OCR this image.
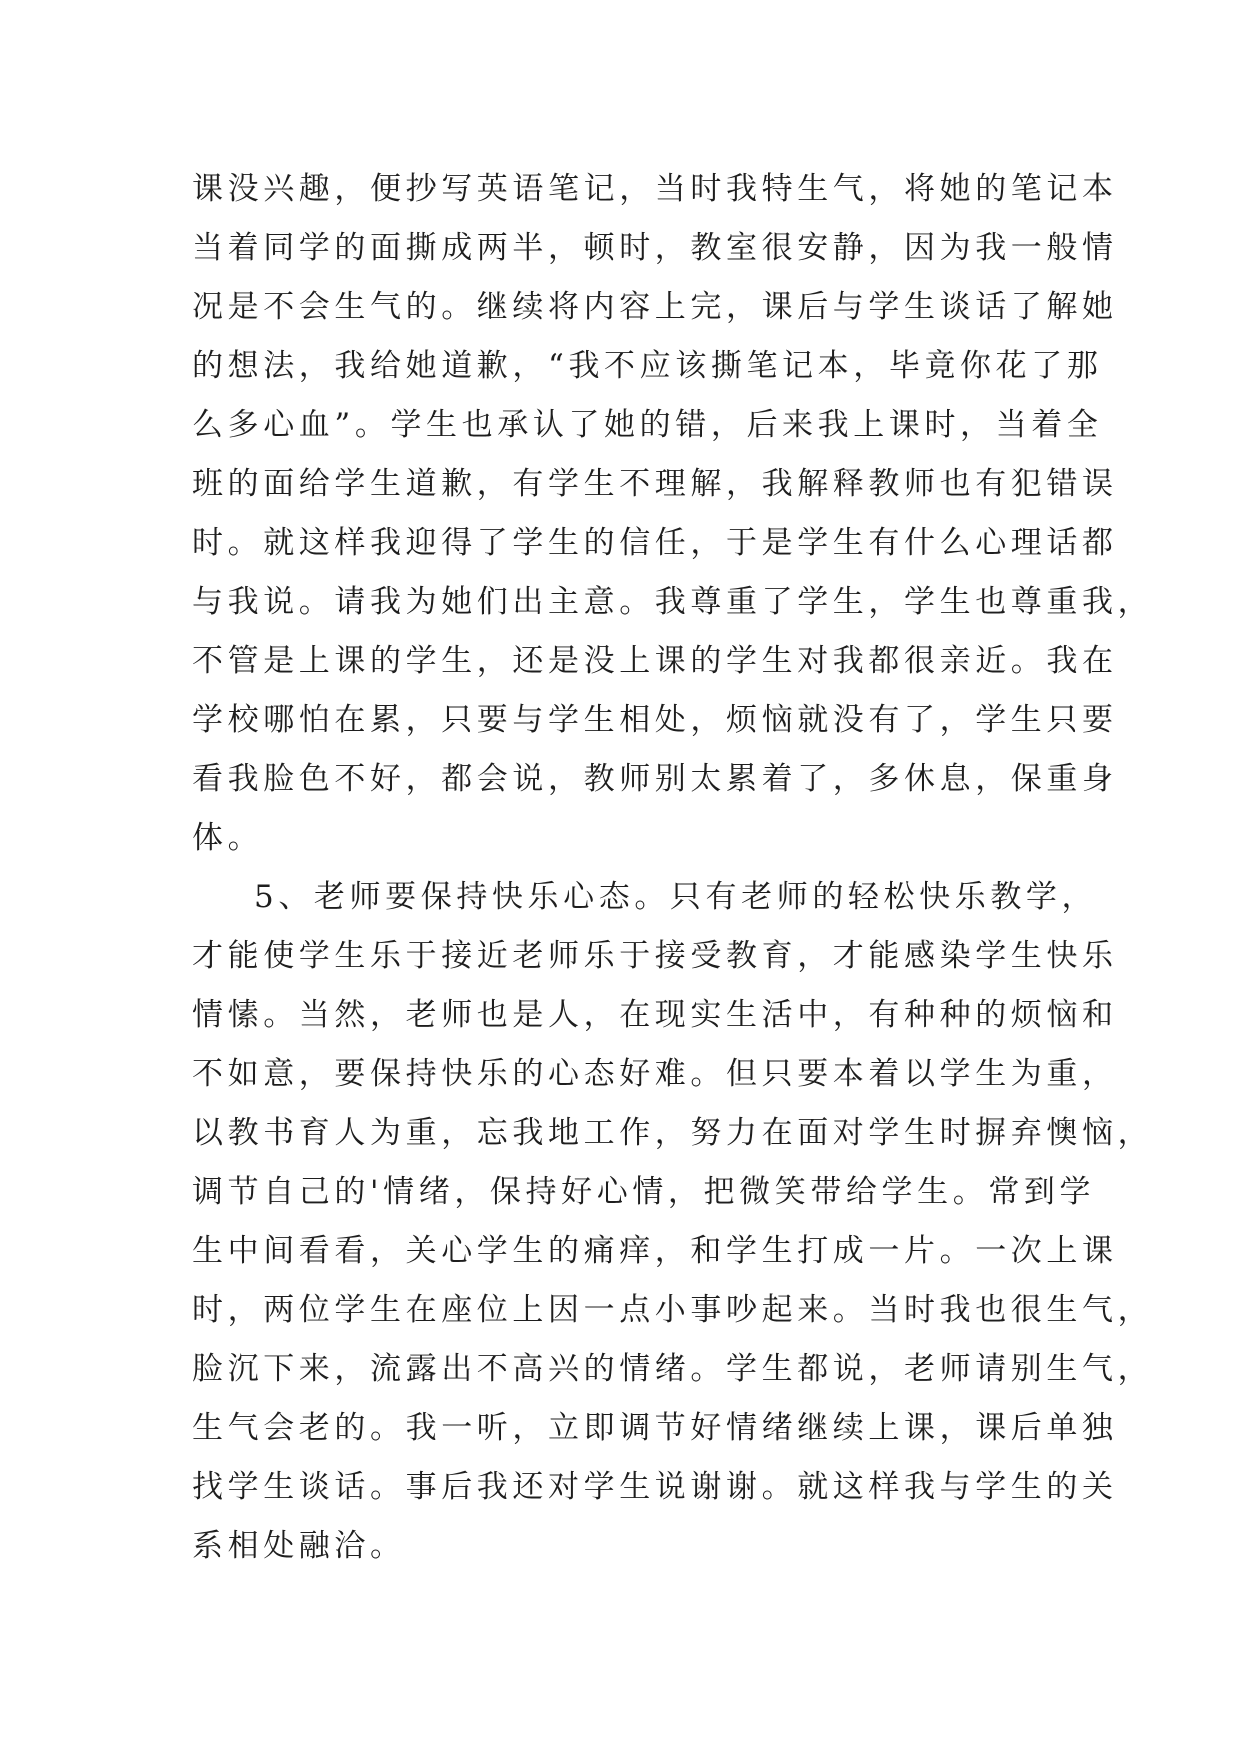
课没兴趣，便抄写英语笔记，当时我特生气，将她的笔记本
当着同学的面撕成两半，顿时，教室很安静，因为我一般情
况是不会生气的。继续将内容上完，课后与学生谈话了解她
的想法，我给她道歉，“我不应该撕笔记本，毕竟你花了那
么多心血”。学生也承认了她的错，后来我上课时，当着全
班的面给学生道歉，有学生不理解，我解释教师也有犯错误
时。就这样我迎得了学生的信任，于是学生有什么心理话都
与我说。请我为她们出主意。我尊重了学生，学生也尊重我，
不管是上课的学生，还是没上课的学生对我都很亲近。我在
学校哪怕在累，只要与学生相处，烦恼就没有了，学生只要
看我脸色不好，都会说，教师别太累着了，多休息，保重身
体。
5、老师要保持快乐心态。只有老师的轻松快乐教学，
才能使学生乐于接近老师乐于接受教育，才能感染学生快乐
情愫。当然，老师也是人，在现实生活中，有种种的烦恼和
不如意，要保持快乐的心态好难。但只要本着以学生为重，
以教书育人为重，忘我地工作，努力在面对学生时摒弃懊恼，
调节自己的'情绪，保持好心情，把微笑带给学生。常到学
生中间看看，关心学生的痛痒，和学生打成一片。一次上课
时，两位学生在座位上因一点小事吵起来。当时我也很生气，
脸沉下来，流露出不高兴的情绪。学生都说，老师请别生气，
生气会老的。我一听，立即调节好情绪继续上课，课后单独
找学生谈话。事后我还对学生说谢谢。就这样我与学生的关
系相处融洽。
